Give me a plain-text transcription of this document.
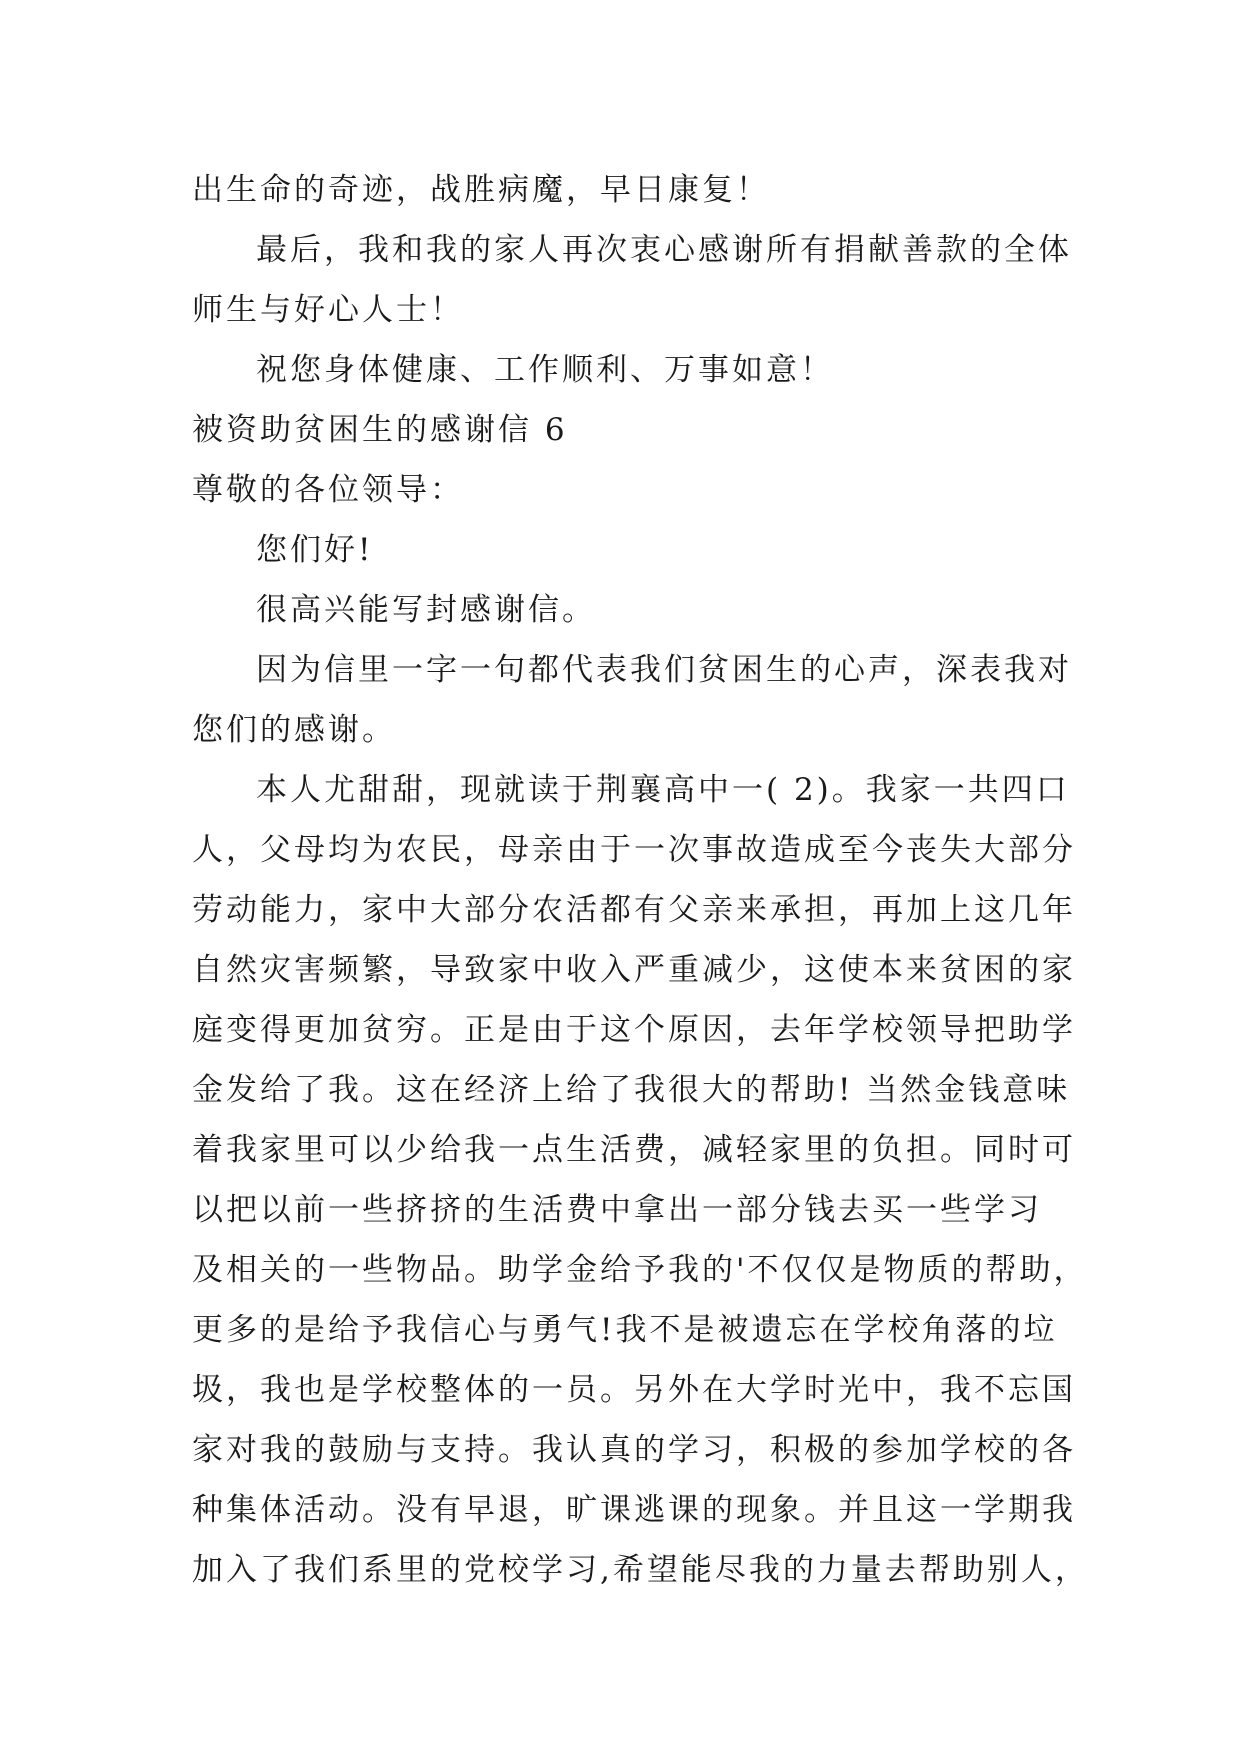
出生命的奇迹，战胜病魔，早日康复！
最后，我和我的家人再次衷心感谢所有捐献善款的全体
师生与好心人士！
祝您身体健康、工作顺利、万事如意！
被资助贫困生的感谢信 6
尊敬的各位领导：
您们好!
很高兴能写封感谢信。
因为信里一字一句都代表我们贫困生的心声，深表我对
您们的感谢。
本人尤甜甜，现就读于荆襄高中一( 2)。我家一共四口
人，父母均为农民，母亲由于一次事故造成至今丧失大部分
劳动能力，家中大部分农活都有父亲来承担，再加上这几年
自然灾害频繁，导致家中收入严重减少，这使本来贫困的家
庭变得更加贫穷。正是由于这个原因，去年学校领导把助学
金发给了我。这在经济上给了我很大的帮助! 当然金钱意味
着我家里可以少给我一点生活费，减轻家里的负担。同时可
以把以前一些挤挤的生活费中拿出一部分钱去买一些学习
及相关的一些物品。助学金给予我的'不仅仅是物质的帮助，
更多的是给予我信心与勇气!我不是被遗忘在学校角落的垃
圾，我也是学校整体的一员。另外在大学时光中，我不忘国
家对我的鼓励与支持。我认真的学习，积极的参加学校的各
种集体活动。没有早退，旷课逃课的现象。并且这一学期我
加入了我们系里的党校学习,希望能尽我的力量去帮助别人，
